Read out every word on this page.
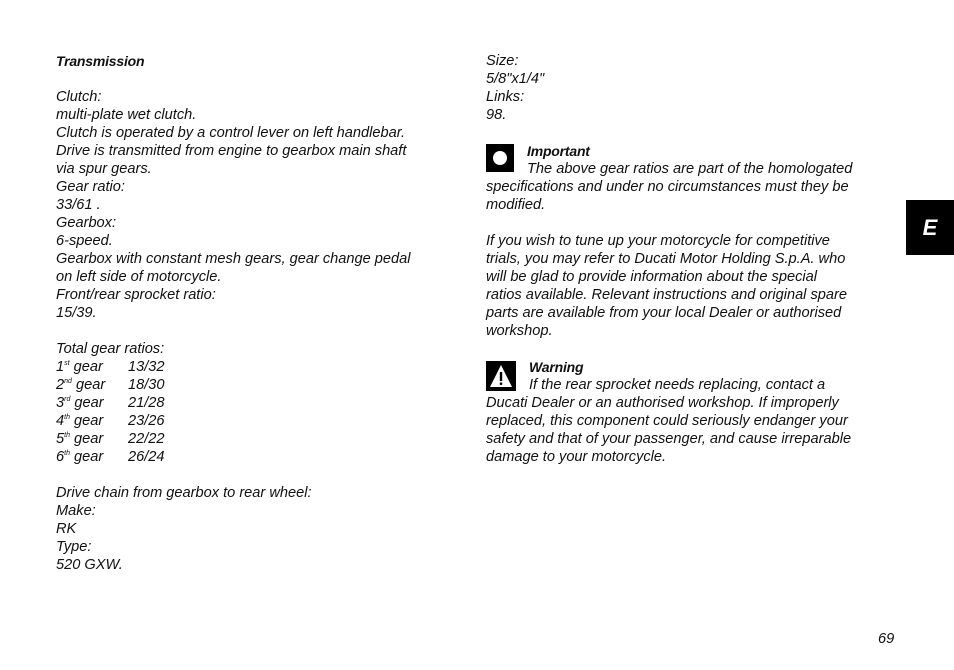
Transmission
Clutch:
multi-plate wet clutch.
Clutch is operated by a control lever on left handlebar.
Drive is transmitted from engine to gearbox main shaft
via spur gears.
Gear ratio:
33/61 .
Gearbox:
6-speed.
Gearbox with constant mesh gears, gear change pedal
on left side of motorcycle.
Front/rear sprocket ratio:
15/39.
Total gear ratios:
1st gear	13/32
2nd gear	18/30
3rd gear	21/28
4th gear	23/26
5th gear	22/22
6th gear	26/24
Drive chain from gearbox to rear wheel:
Make:
RK
Type:
520 GXW.
Size:
5/8"x1/4"
Links:
98.
Important
The above gear ratios are part of the homologated
specifications and under no circumstances must they be
modified.
If you wish to tune up your motorcycle for competitive
trials, you may refer to Ducati Motor Holding S.p.A. who
will be glad to provide information about the special
ratios available. Relevant instructions and original spare
parts are available from your local Dealer or authorised
workshop.
Warning
If the rear sprocket needs replacing, contact a
Ducati Dealer or an authorised workshop. If improperly
replaced, this component could seriously endanger your
safety and that of your passenger, and cause irreparable
damage to your motorcycle.
E
69
